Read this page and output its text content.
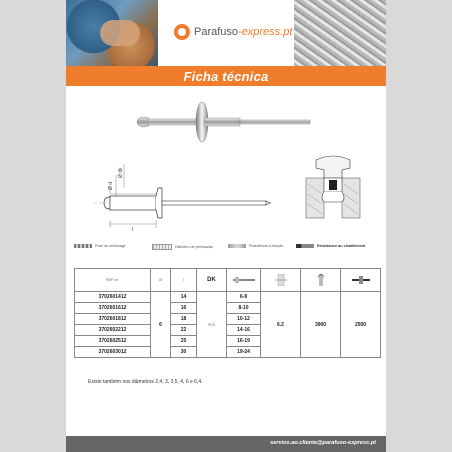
Parafuso -express.pt
Ficha técnica
Ø d
Ø dk
l
Prise de sertissage	Diâmetro de perfuração	Resistência à tracção	Résistance au cisaillement
REF ve.	Ø	l	DK				
3702601412	6	14	FLS	6-8	6.2	3900	2500
3702601612		16		8-10			
3702601812		18		10-12			
3702602212		22		14-16			
3702602512		25		16-19			
3702603012		30		19-24			
Existe também nos diâmetros 2,4, 3, 3,5, 4, 6 e 6,4.
servico.ao.cliente@parafuso-express.pt
